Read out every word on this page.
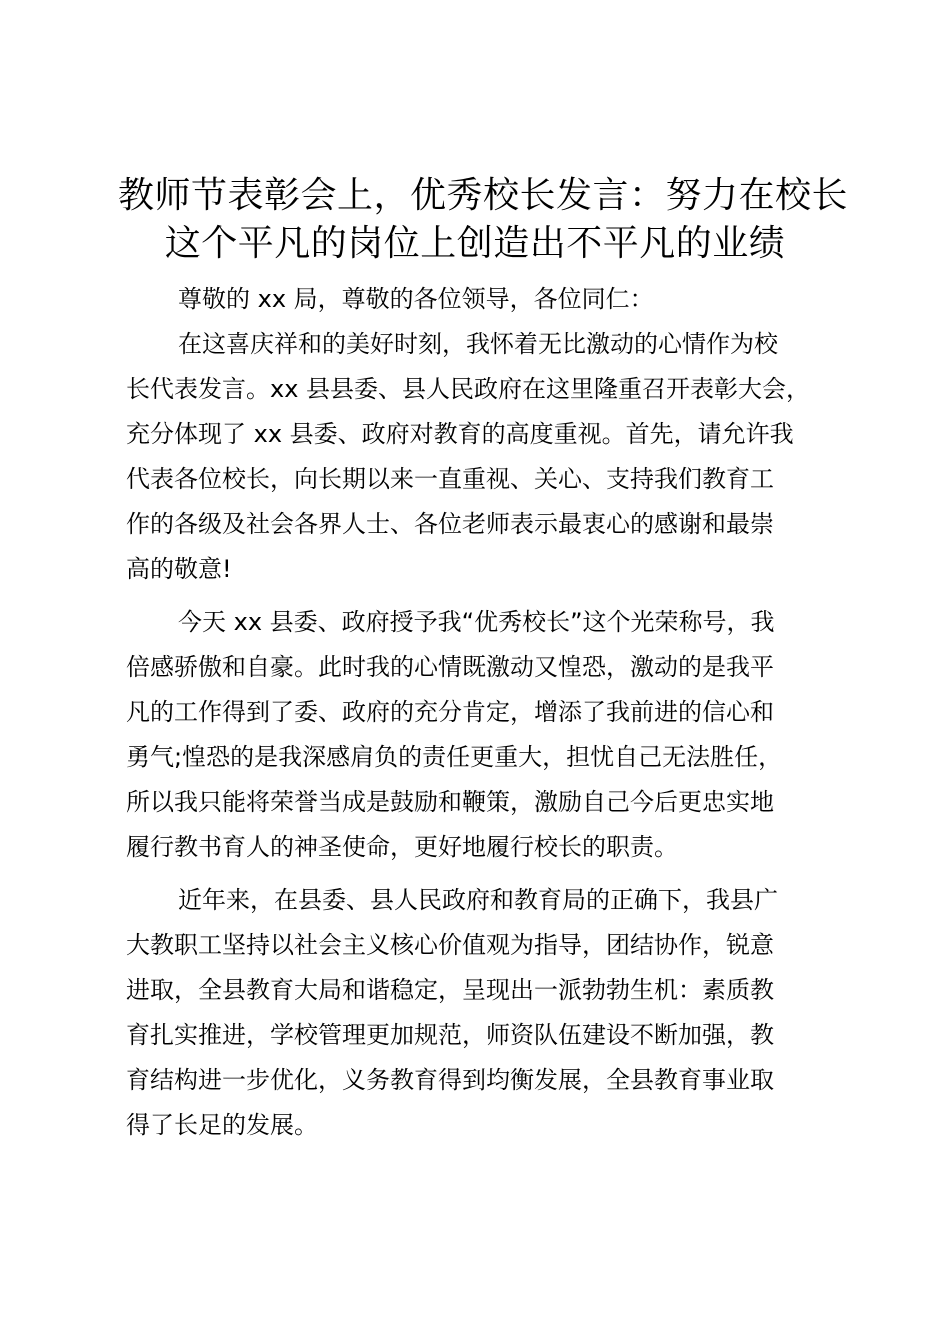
教师节表彰会上，优秀校长发言：努力在校长

这个平凡的岗位上创造出不平凡的业绩

尊敬的 xx 局，尊敬的各位领导，各位同仁：

在这喜庆祥和的美好时刻，我怀着无比激动的心情作为校

长代表发言。xx 县县委、县人民政府在这里隆重召开表彰大会，

充分体现了 xx 县委、政府对教育的高度重视。首先，请允许我

代表各位校长，向长期以来一直重视、关心、支持我们教育工

作的各级及社会各界人士、各位老师表示最衷心的感谢和最崇

高的敬意!

今天 xx 县委、政府授予我“优秀校长”这个光荣称号，我

倍感骄傲和自豪。此时我的心情既激动又惶恐，激动的是我平

凡的工作得到了委、政府的充分肯定，增添了我前进的信心和

勇气;惶恐的是我深感肩负的责任更重大，担忧自己无法胜任，

所以我只能将荣誉当成是鼓励和鞭策，激励自己今后更忠实地

履行教书育人的神圣使命，更好地履行校长的职责。

近年来，在县委、县人民政府和教育局的正确下，我县广

大教职工坚持以社会主义核心价值观为指导，团结协作，锐意

进取，全县教育大局和谐稳定，呈现出一派勃勃生机：素质教

育扎实推进，学校管理更加规范，师资队伍建设不断加强，教

育结构进一步优化，义务教育得到均衡发展，全县教育事业取

得了长足的发展。
